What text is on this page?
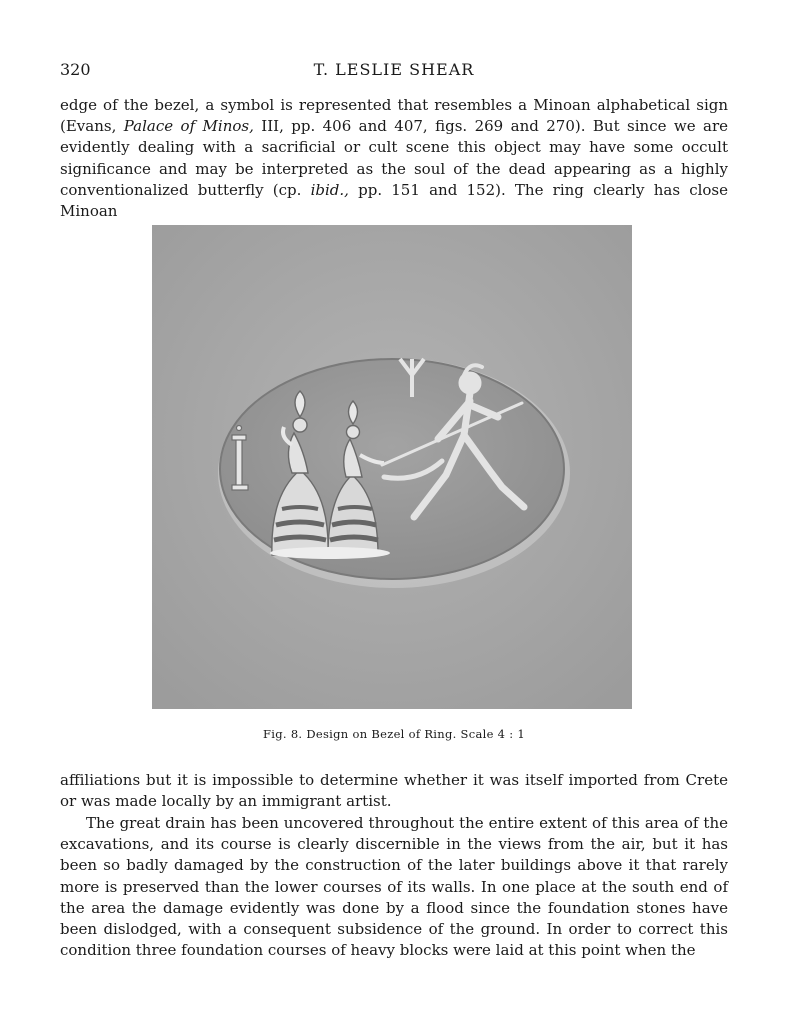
320	T. LESLIE SHEAR

edge of the bezel, a symbol is represented that resembles a Minoan alphabetical sign (Evans, Palace of Minos, III, pp. 406 and 407, figs. 269 and 270). But since we are evidently dealing with a sacrificial or cult scene this object may have some occult significance and may be interpreted as the soul of the dead appearing as a highly conventionalized butterfly (cp. ibid., pp. 151 and 152). The ring clearly has close Minoan

Fig. 8. Design on Bezel of Ring. Scale 4 : 1

affiliations but it is impossible to determine whether it was itself imported from Crete or was made locally by an immigrant artist.

The great drain has been uncovered throughout the entire extent of this area of the excavations, and its course is clearly discernible in the views from the air, but it has been so badly damaged by the construction of the later buildings above it that rarely more is preserved than the lower courses of its walls. In one place at the south end of the area the damage evidently was done by a flood since the foundation stones have been dislodged, with a consequent subsidence of the ground. In order to correct this condition three foundation courses of heavy blocks were laid at this point when the
